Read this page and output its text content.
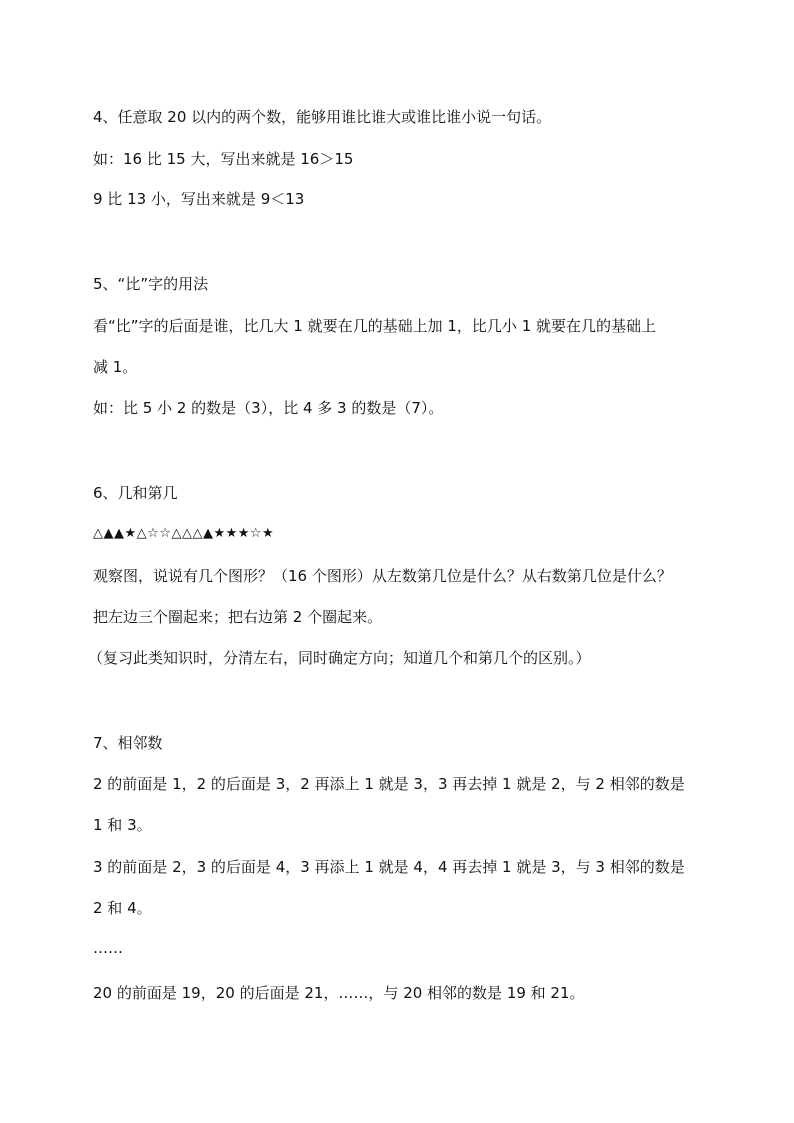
4、任意取 20 以内的两个数，能够用谁比谁大或谁比谁小说一句话。
如：16 比 15 大，写出来就是 16＞15
9 比 13 小，写出来就是 9＜13
5、“比”字的用法
看“比”字的后面是谁，比几大 1 就要在几的基础上加 1，比几小 1 就要在几的基础上
减 1。
如：比 5 小 2 的数是（3），比 4 多 3 的数是（7）。
6、几和第几
△▲▲★△☆☆△△△▲★★★☆★
观察图，说说有几个图形？（16 个图形）从左数第几位是什么？从右数第几位是什么？
把左边三个圈起来；把右边第 2 个圈起来。
（复习此类知识时，分清左右，同时确定方向；知道几个和第几个的区别。）
7、相邻数
2 的前面是 1，2 的后面是 3，2 再添上 1 就是 3，3 再去掉 1 就是 2，与 2 相邻的数是
1 和 3。
3 的前面是 2，3 的后面是 4，3 再添上 1 就是 4，4 再去掉 1 就是 3，与 3 相邻的数是
2 和 4。
……
20 的前面是 19，20 的后面是 21，……，与 20 相邻的数是 19 和 21。
